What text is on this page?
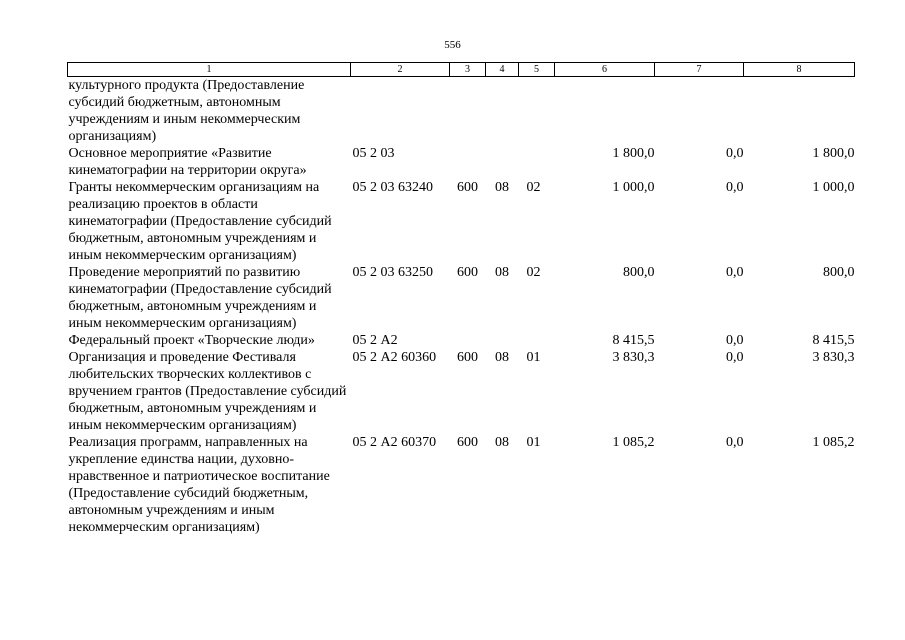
556
1	2	3	4	5	6	7	8
культурного продукта (Предоставление субсидий бюджетным, автономным учреждениям и иным некоммерческим организациям)							
Основное мероприятие «Развитие кинематографии на территории округа»	05 2 03				1 800,0	0,0	1 800,0
Гранты некоммерческим организациям на реализацию проектов в области кинематографии (Предоставление субсидий бюджетным, автономным учреждениям и иным некоммерческим организациям)	05 2 03 63240	600	08	02	1 000,0	0,0	1 000,0
Проведение мероприятий по развитию кинематографии (Предоставление субсидий бюджетным, автономным учреждениям и иным некоммерческим организациям)	05 2 03 63250	600	08	02	800,0	0,0	800,0
Федеральный проект «Творческие люди»	05 2 А2				8 415,5	0,0	8 415,5
Организация и проведение Фестиваля любительских творческих коллективов с вручением грантов (Предоставление субсидий бюджетным, автономным учреждениям и иным некоммерческим организациям)	05 2 А2 60360	600	08	01	3 830,3	0,0	3 830,3
Реализация программ, направленных на укрепление единства нации, духовно-нравственное и патриотическое воспитание (Предоставление субсидий бюджетным, автономным учреждениям и иным некоммерческим организациям)	05 2 А2 60370	600	08	01	1 085,2	0,0	1 085,2
